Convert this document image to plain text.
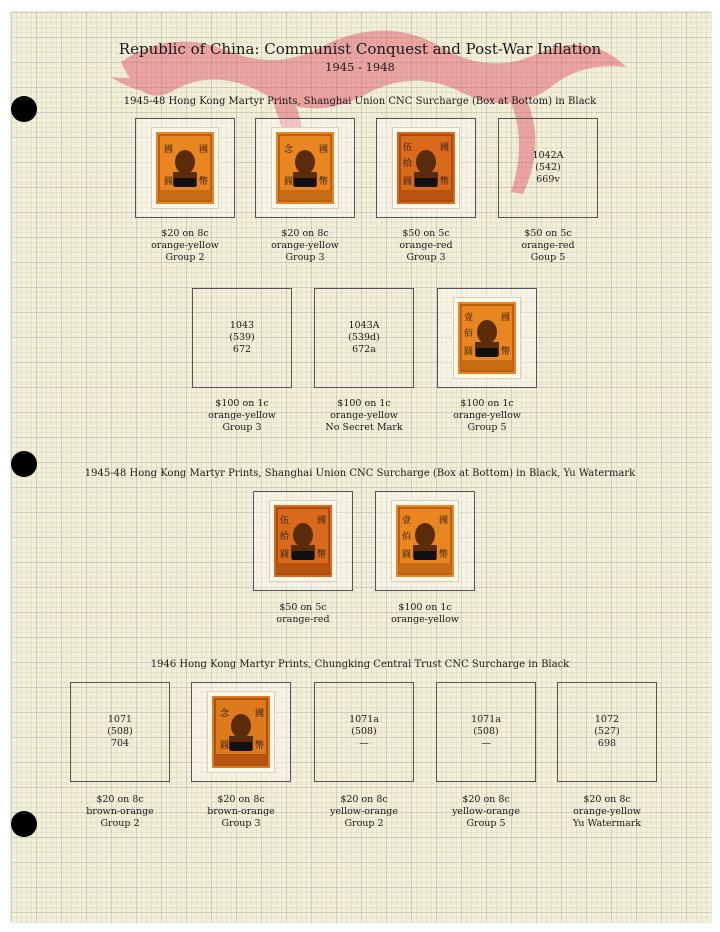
Republic of China: Communist Conquest and Post-War Inflation
1945 - 1948
1945-48 Hong Kong Martyr Prints, Shanghai Union CNC Surcharge (Box at Bottom) in Black
國	國
圓	幣
念	國
圓	幣
伍	國
拾
圓	幣
1042A
(542)
669v
$20 on 8c
orange-yellow
Group 2
$20 on 8c
orange-yellow
Group 3
$50 on 5c
orange-red
Group 3
$50 on 5c
orange-red
Goup 5
1043
(539)
672
1043A
(539d)
672a
壹	國
佰
圓	幣
$100 on 1c
orange-yellow
Group 3
$100 on 1c
orange-yellow
No Secret Mark
$100 on 1c
orange-yellow
Group 5
1945-48 Hong Kong Martyr Prints, Shanghai Union CNC Surcharge (Box at Bottom) in Black, Yu Watermark
伍	國
拾
圓	幣
壹	國
佰
圓	幣
$50 on 5c
orange-red
$100 on 1c
orange-yellow
1946 Hong Kong Martyr Prints, Chungking Central Trust CNC Surcharge in Black
1071
(508)
704
念	國
圓	幣
1071a
(508)
—
1071a
(508)
—
1072
(527)
698
$20 on 8c
brown-orange
Group 2
$20 on 8c
brown-orange
Group 3
$20 on 8c
yellow-orange
Group 2
$20 on 8c
yellow-orange
Group 5
$20 on 8c
orange-yellow
Yu Watermark
